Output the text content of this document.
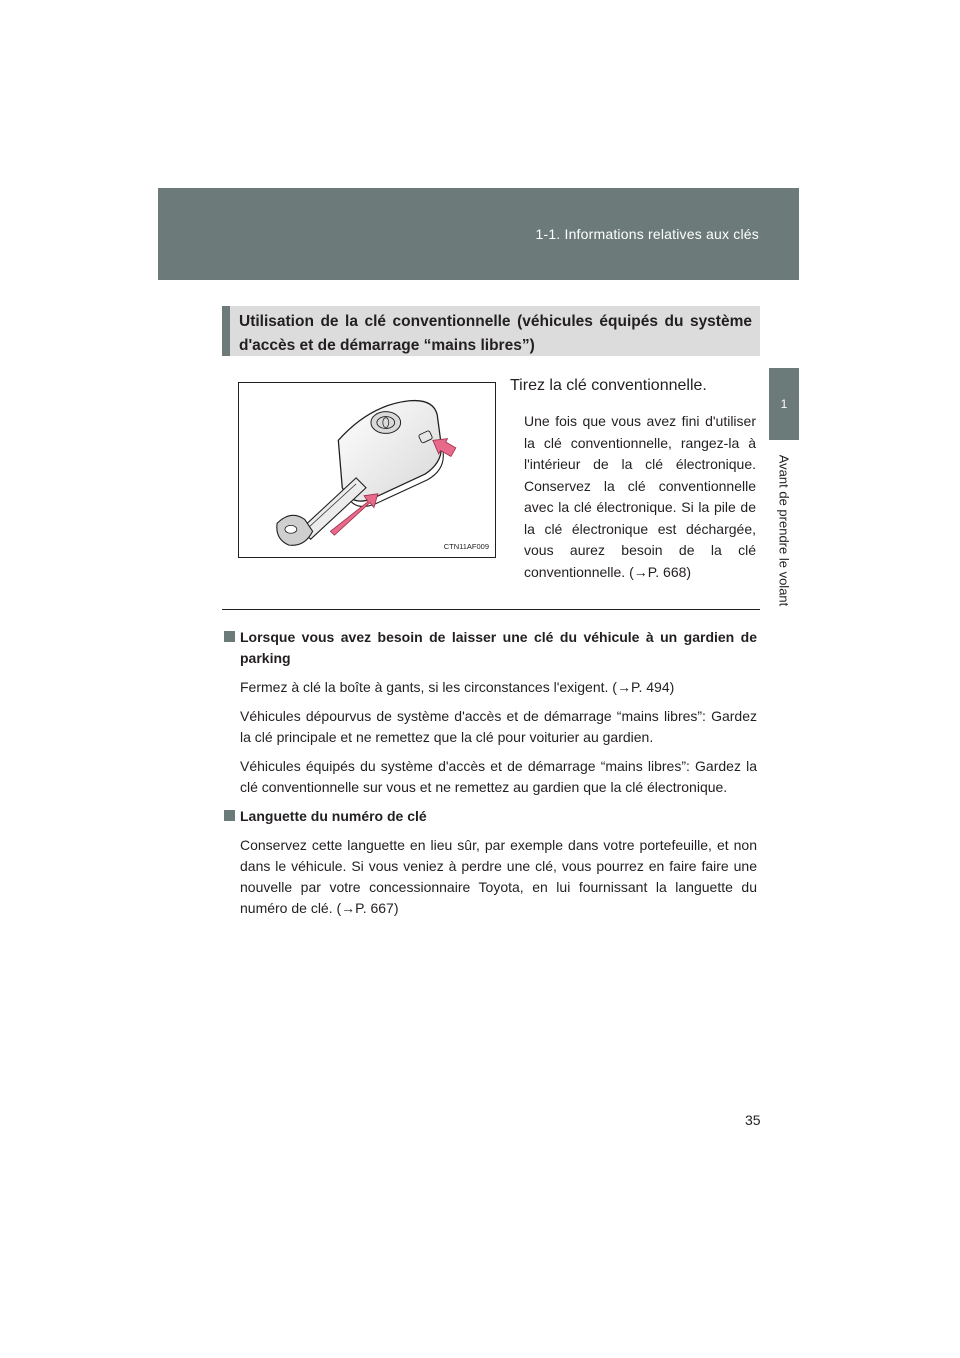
1-1. Informations relatives aux clés
1
Avant de prendre le volant
Utilisation de la clé conventionnelle (véhicules équipés du système d'accès et de démarrage “mains libres”)
CTN11AF009
Tirez la clé conventionnelle.
Une fois que vous avez fini d'utiliser la clé conventionnelle, rangez-la à l'intérieur de la clé électronique. Conservez la clé conventionnelle avec la clé électronique. Si la pile de la clé électronique est déchargée, vous aurez besoin de la clé conventionnelle. (→P. 668)
Lorsque vous avez besoin de laisser une clé du véhicule à un gardien de parking
Fermez à clé la boîte à gants, si les circonstances l'exigent. (→P. 494)
Véhicules dépourvus de système d'accès et de démarrage “mains libres”: Gardez la clé principale et ne remettez que la clé pour voiturier au gardien.
Véhicules équipés du système d'accès et de démarrage “mains libres”: Gardez la clé conventionnelle sur vous et ne remettez au gardien que la clé électronique.
Languette du numéro de clé
Conservez cette languette en lieu sûr, par exemple dans votre portefeuille, et non dans le véhicule. Si vous veniez à perdre une clé, vous pourrez en faire faire une nouvelle par votre concessionnaire Toyota, en lui fournissant la languette du numéro de clé. (→P. 667)
35
